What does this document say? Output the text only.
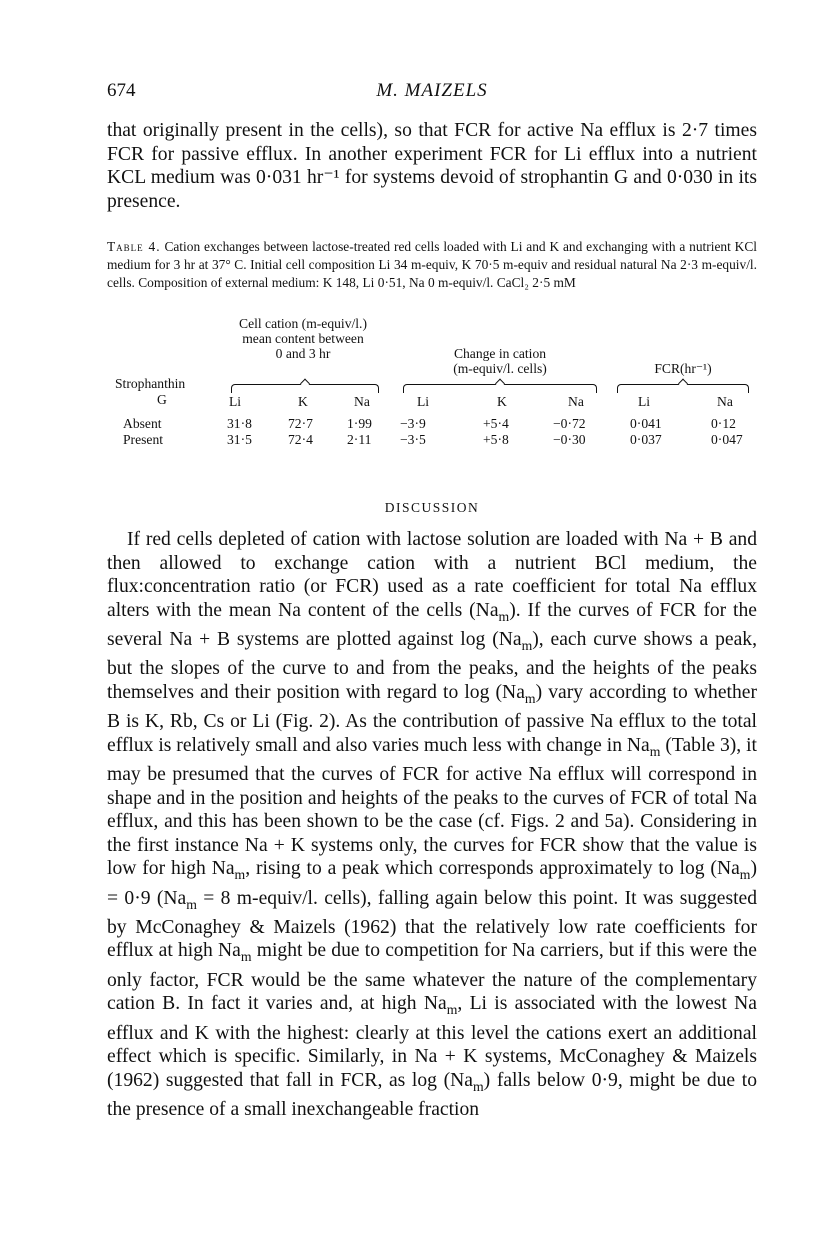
674	M. MAIZELS

that originally present in the cells), so that FCR for active Na efflux is 2·7 times FCR for passive efflux. In another experiment FCR for Li efflux into a nutrient KCL medium was 0·031 hr⁻¹ for systems devoid of strophantin G and 0·030 in its presence.

Table 4. Cation exchanges between lactose-treated red cells loaded with Li and K and exchanging with a nutrient KCl medium for 3 hr at 37° C. Initial cell composition Li 34 m-equiv, K 70·5 m-equiv and residual natural Na 2·3 m-equiv/l. cells. Composition of external medium: K 148, Li 0·51, Na 0 m-equiv/l. CaCl₂ 2·5 mM

Cell cation (m-equiv/l.)
mean content between
0 and 3 hr	Change in cation
(m-equiv/l. cells)	FCR(hr⁻¹)
Strophanthin
G	Li	K	Na	Li	K	Na	Li	Na
Absent	31·8	72·7	1·99 −3·9	+5·4	−0·72	0·041	0·12
Present	31·5	72·4	2·11 −3·5	+5·8	−0·30	0·037	0·047
DISCUSSION

If red cells depleted of cation with lactose solution are loaded with Na + B and then allowed to exchange cation with a nutrient BCl medium, the flux:concentration ratio (or FCR) used as a rate coefficient for total Na efflux alters with the mean Na content of the cells $(Na_m)$. If the curves of FCR for the several Na + B systems are plotted against $\log (Na_m)$, each curve shows a peak, but the slopes of the curve to and from the peaks, and the heights of the peaks themselves and their position with regard to $\log (Na_m)$ vary according to whether B is K, Rb, Cs or Li (Fig. 2). As the contribution of passive Na efflux to the total efflux is relatively small and also varies much less with change in $Na_m$ (Table 3), it may be presumed that the curves of FCR for active Na efflux will correspond in shape and in the position and heights of the peaks to the curves of FCR of total Na efflux, and this has been shown to be the case (cf. Figs. 2 and 5a). Considering in the first instance Na + K systems only, the curves for FCR show that the value is low for high $Na_m$, rising to a peak which corresponds approximately to $\log (Na_m) = 0\cdot 9$ ($Na_m = 8$ m-equiv/l. cells), falling again below this point. It was suggested by McConaghey & Maizels (1962) that the relatively low rate coefficients for efflux at high $Na_m$ might be due to competition for Na carriers, but if this were the only factor, FCR would be the same whatever the nature of the complementary cation B. In fact it varies and, at high $Na_m$, Li is associated with the lowest Na efflux and K with the highest: clearly at this level the cations exert an additional effect which is specific. Similarly, in Na + K systems, McConaghey & Maizels (1962) suggested that fall in FCR, as $\log (Na_m)$ falls below 0·9, might be due to the presence of a small inexchangeable fraction
